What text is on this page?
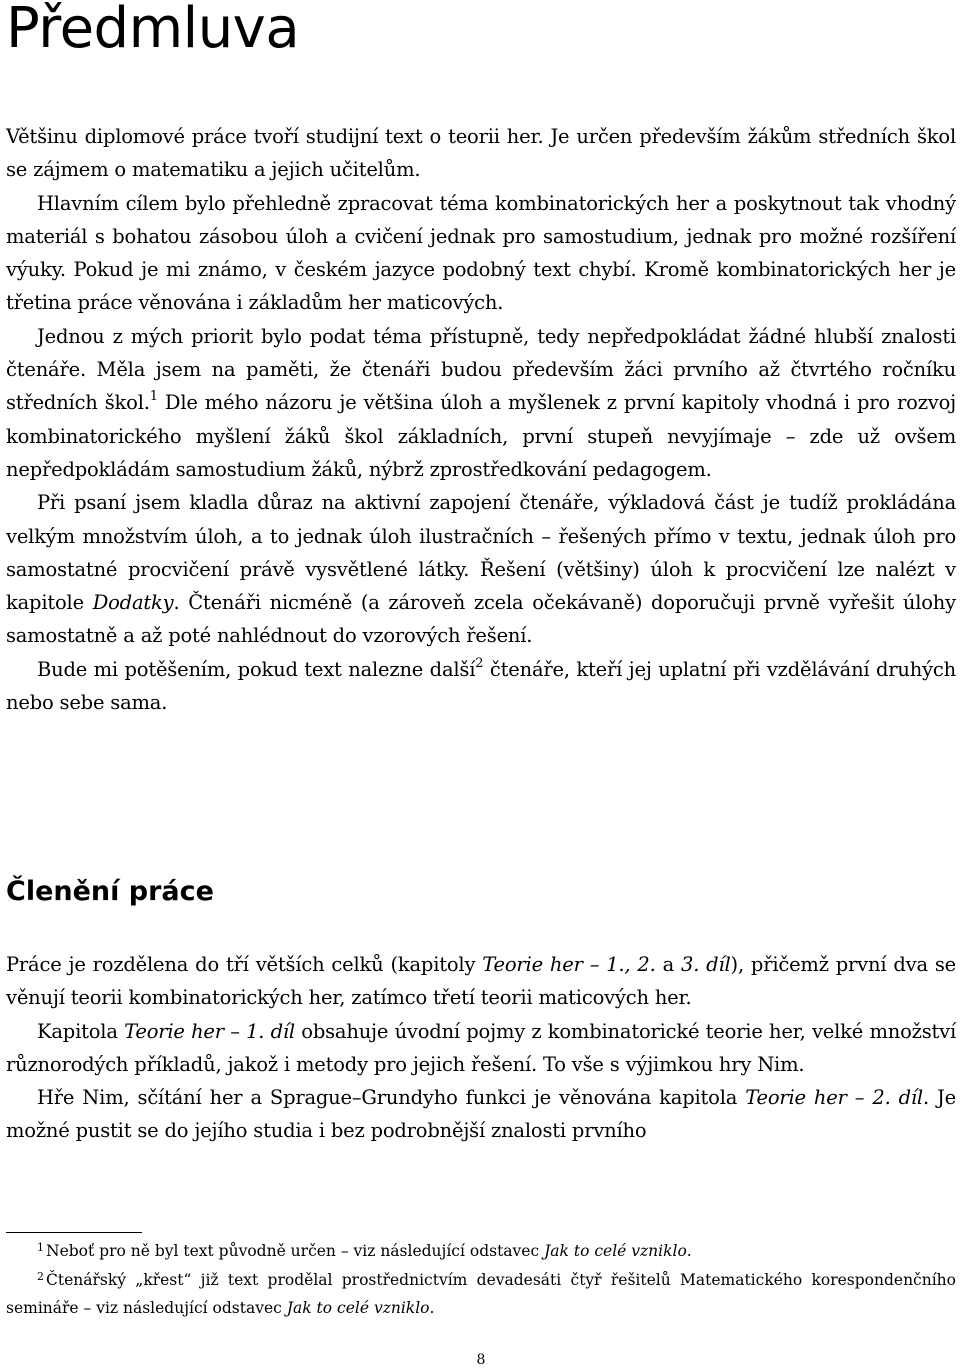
Předmluva

Většinu diplomové práce tvoří studijní text o teorii her. Je určen především žákům středních škol se zájmem o matematiku a jejich učitelům.

Hlavním cílem bylo přehledně zpracovat téma kombinatorických her a poskytnout tak vhodný materiál s bohatou zásobou úloh a cvičení jednak pro samostudium, jednak pro možné rozšíření výuky. Pokud je mi známo, v českém jazyce podobný text chybí. Kromě kombinatorických her je třetina práce věnována i základům her maticových.

Jednou z mých priorit bylo podat téma přístupně, tedy nepředpokládat žádné hlubší znalosti čtenáře. Měla jsem na paměti, že čtenáři budou především žáci prvního až čtvrtého ročníku středních škol.$^1$ Dle mého názoru je většina úloh a myšlenek z první kapitoly vhodná i pro rozvoj kombinatorického myšlení žáků škol základních, první stupeň nevyjímaje – zde už ovšem nepředpokládám samostudium žáků, nýbrž zprostředkování pedagogem.

Při psaní jsem kladla důraz na aktivní zapojení čtenáře, výkladová část je tudíž prokládána velkým množstvím úloh, a to jednak úloh ilustračních – řešených přímo v textu, jednak úloh pro samostatné procvičení právě vysvětlené látky. Řešení (většiny) úloh k procvičení lze nalézt v kapitole Dodatky. Čtenáři nicméně (a zároveň zcela očekávaně) doporučuji prvně vyřešit úlohy samostatně a až poté nahlédnout do vzorových řešení.

Bude mi potěšením, pokud text nalezne další$^2$ čtenáře, kteří jej uplatní při vzdělávání druhých nebo sebe sama.

Členění práce

Práce je rozdělena do tří větších celků (kapitoly Teorie her – 1., 2. a 3. díl), přičemž první dva se věnují teorii kombinatorických her, zatímco třetí teorii maticových her.

Kapitola Teorie her – 1. díl obsahuje úvodní pojmy z kombinatorické teorie her, velké množství různorodých příkladů, jakož i metody pro jejich řešení. To vše s výjimkou hry Nim.

Hře Nim, sčítání her a Sprague–Grundyho funkci je věnována kapitola Teorie her – 2. díl. Je možné pustit se do jejího studia i bez podrobnější znalosti prvního

$^1$ Neboť pro ně byl text původně určen – viz následující odstavec Jak to celé vzniklo.

$^2$ Čtenářský „křest“ již text prodělal prostřednictvím devadesáti čtyř řešitelů Matematického korespondenčního semináře – viz následující odstavec Jak to celé vzniklo.

8
